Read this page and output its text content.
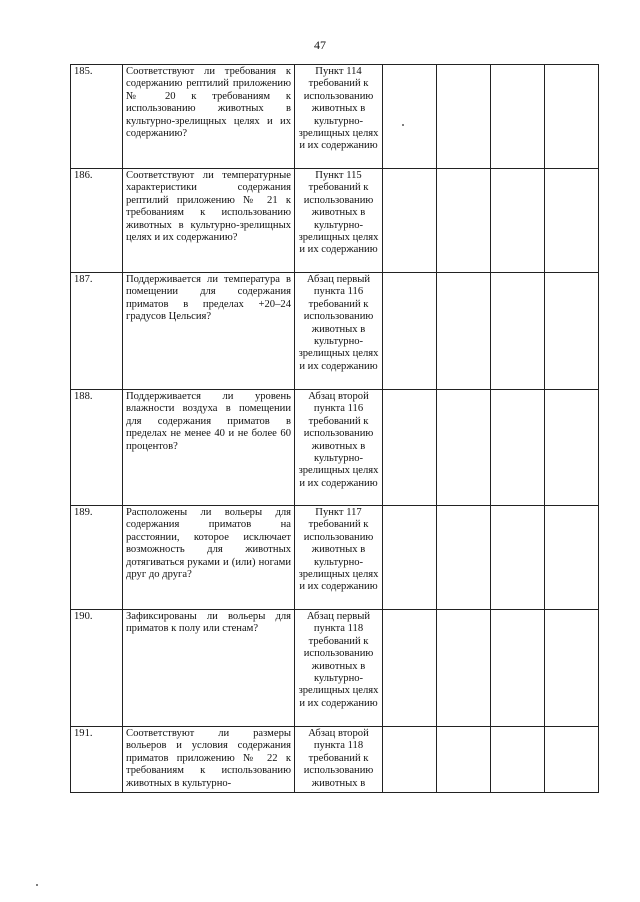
47
185.	Соответствуют ли требования к содержанию рептилий приложению № 20 к требованиям к использованию животных в культурно-зрелищных целях и их содержанию?	Пункт 114 требований к использованию животных в культурно-зрелищных целях и их содержанию				
186.	Соответствуют ли температурные характеристики содержания рептилий приложению № 21 к требованиям к использованию животных в культурно-зрелищных целях и их содержанию?	Пункт 115 требований к использованию животных в культурно-зрелищных целях и их содержанию				
187.	Поддерживается ли температура в помещении для содержания приматов в пределах +20–24 градусов Цельсия?	Абзац первый пункта 116 требований к использованию животных в культурно-зрелищных целях и их содержанию				
188.	Поддерживается ли уровень влажности воздуха в помещении для содержания приматов в пределах не менее 40 и не более 60 процентов?	Абзац второй пункта 116 требований к использованию животных в культурно-зрелищных целях и их содержанию				
189.	Расположены ли вольеры для содержания приматов на расстоянии, которое исключает возможность для животных дотягиваться руками и (или) ногами друг до друга?	Пункт 117 требований к использованию животных в культурно-зрелищных целях и их содержанию				
190.	Зафиксированы ли вольеры для приматов к полу или стенам?	Абзац первый пункта 118 требований к использованию животных в культурно-зрелищных целях и их содержанию				
191.	Соответствуют ли размеры вольеров и условия содержания приматов приложению № 22 к требованиям к использованию животных в культурно-	Абзац второй пункта 118 требований к использованию животных в				
